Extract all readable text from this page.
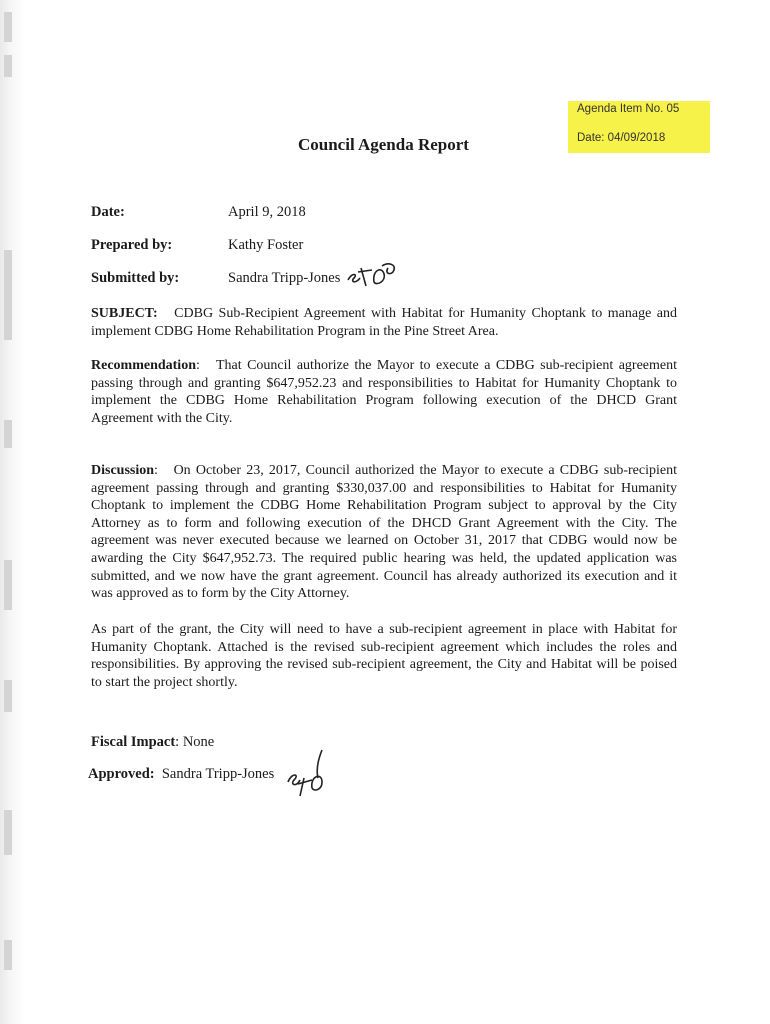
Agenda Item No. 05
Date: 04/09/2018
Council Agenda Report
Date:	April 9, 2018
Prepared by:	Kathy Foster
Submitted by:	Sandra Tripp-Jones
SUBJECT: CDBG Sub-Recipient Agreement with Habitat for Humanity Choptank to manage and implement CDBG Home Rehabilitation Program in the Pine Street Area.
Recommendation:   That Council authorize the Mayor to execute a CDBG sub-recipient agreement passing through and granting $647,952.23 and responsibilities to Habitat for Humanity Choptank to implement the CDBG Home Rehabilitation Program following execution of the DHCD Grant Agreement with the City.
Discussion:   On October 23, 2017, Council authorized the Mayor to execute a CDBG sub-recipient agreement passing through and granting $330,037.00 and responsibilities to Habitat for Humanity Choptank to implement the CDBG Home Rehabilitation Program subject to approval by the City Attorney as to form and following execution of the DHCD Grant Agreement with the City. The agreement was never executed because we learned on October 31, 2017 that CDBG would now be awarding the City $647,952.73. The required public hearing was held, the updated application was submitted, and we now have the grant agreement. Council has already authorized its execution and it was approved as to form by the City Attorney.
As part of the grant, the City will need to have a sub-recipient agreement in place with Habitat for Humanity Choptank. Attached is the revised sub-recipient agreement which includes the roles and responsibilities. By approving the revised sub-recipient agreement, the City and Habitat will be poised to start the project shortly.
Fiscal Impact: None
Approved: Sandra Tripp-Jones
